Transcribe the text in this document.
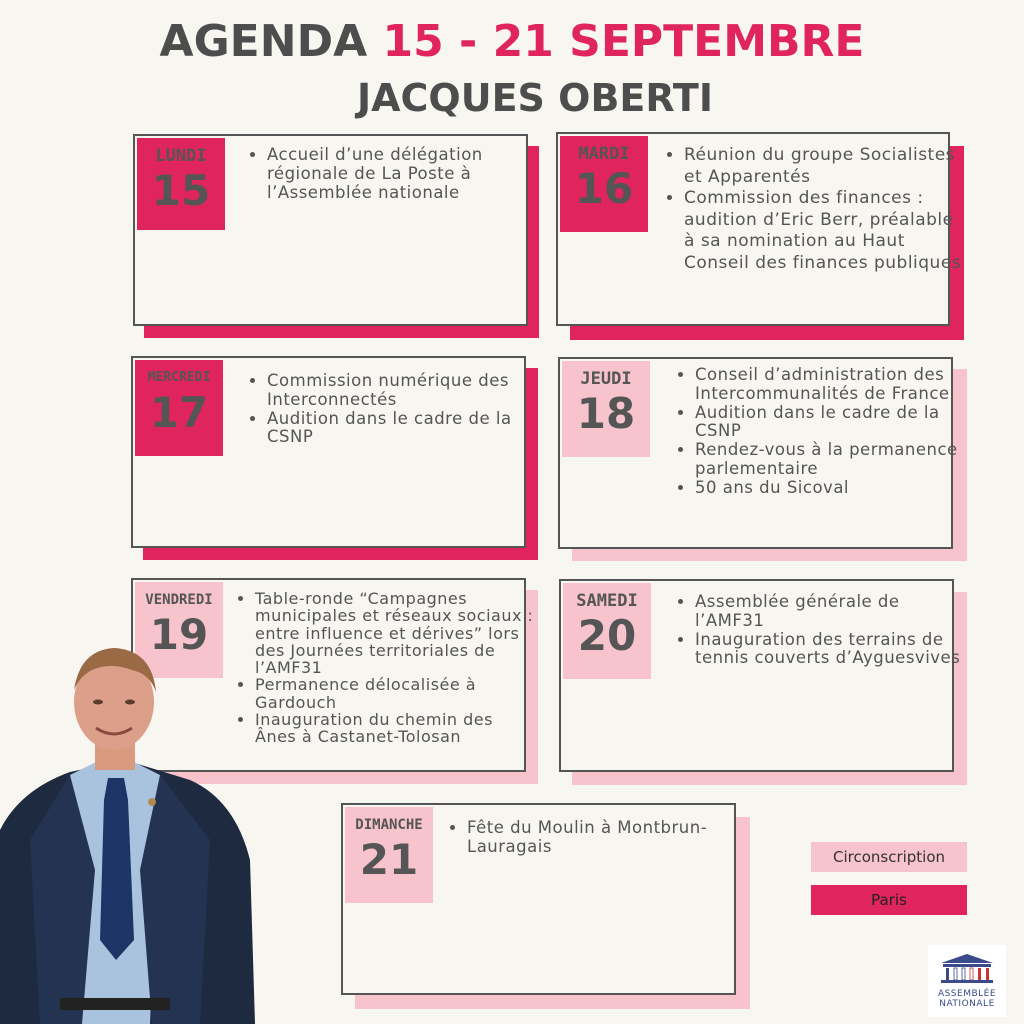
AGENDA 15 - 21 SEPTEMBRE
JACQUES OBERTI
LUNDI
15
• Accueil d’une délégation régionale de La Poste à l’Assemblée nationale
MARDI
16
• Réunion du groupe Socialistes et Apparentés
• Commission des finances : audition d’Eric Berr, préalable à sa nomination au Haut Conseil des finances publiques
MERCREDI
17
• Commission numérique des Interconnectés
• Audition dans le cadre de la CSNP
JEUDI
18
• Conseil d’administration des Intercommunalités de France
• Audition dans le cadre de la CSNP
• Rendez-vous à la permanence parlementaire
• 50 ans du Sicoval
VENDREDI
19
• Table-ronde “Campagnes municipales et réseaux sociaux : entre influence et dérives” lors des Journées territoriales de l’AMF31
• Permanence délocalisée à Gardouch
• Inauguration du chemin des Ânes à Castanet-Tolosan
SAMEDI
20
• Assemblée générale de l’AMF31
• Inauguration des terrains de tennis couverts d’Ayguesvives
DIMANCHE
21
• Fête du Moulin à Montbrun-Lauragais
Circonscription
Paris
ASSEMBLÉE
NATIONALE
